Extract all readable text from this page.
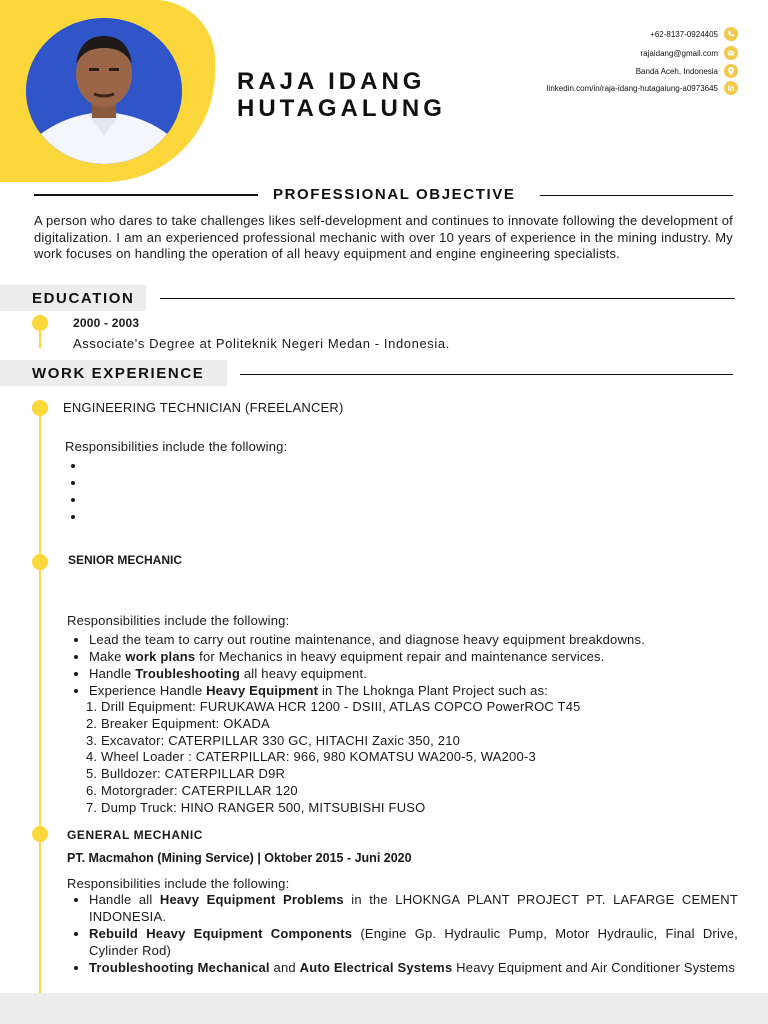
RAJA IDANG
HUTAGALUNG
+62-8137-0924405
rajaidang@gmail.com
Banda Aceh, Indonesia
linkedin.com/in/raja-idang-hutagalung-a0973645	in
PROFESSIONAL OBJECTIVE
A person who dares to take challenges likes self-development and continues to innovate following the development of digitalization. I am an experienced professional mechanic with over 10 years of experience in the mining industry. My work focuses on handling the operation of all heavy equipment and engine engineering specialists.
EDUCATION
2000 - 2003
Associate's Degree at Politeknik Negeri Medan - Indonesia.
WORK EXPERIENCE
ENGINEERING TECHNICIAN (FREELANCER)
Responsibilities include the following:
•
•
•
•
SENIOR MECHANIC
Responsibilities include the following:
• Lead the team to carry out routine maintenance, and diagnose heavy equipment breakdowns.
• Make work plans for Mechanics in heavy equipment repair and maintenance services.
• Handle Troubleshooting all heavy equipment.
• Experience Handle Heavy Equipment in The Lhoknga Plant Project such as:
1. Drill Equipment: FURUKAWA HCR 1200 - DSIII, ATLAS COPCO PowerROC T45
2. Breaker Equipment: OKADA
3. Excavator: CATERPILLAR 330 GC, HITACHI Zaxic 350, 210
4. Wheel Loader : CATERPILLAR: 966, 980 KOMATSU WA200-5, WA200-3
5. Bulldozer: CATERPILLAR D9R
6. Motorgrader: CATERPILLAR 120
7. Dump Truck: HINO RANGER 500, MITSUBISHI FUSO
GENERAL MECHANIC
PT. Macmahon (Mining Service) | Oktober 2015 - Juni 2020
Responsibilities include the following:
• Handle all Heavy Equipment Problems in the LHOKNGA PLANT PROJECT PT. LAFARGE CEMENT INDONESIA.
• Rebuild Heavy Equipment Components (Engine Gp. Hydraulic Pump, Motor Hydraulic, Final Drive, Cylinder Rod)
• Troubleshooting Mechanical and Auto Electrical Systems Heavy Equipment and Air Conditioner Systems
